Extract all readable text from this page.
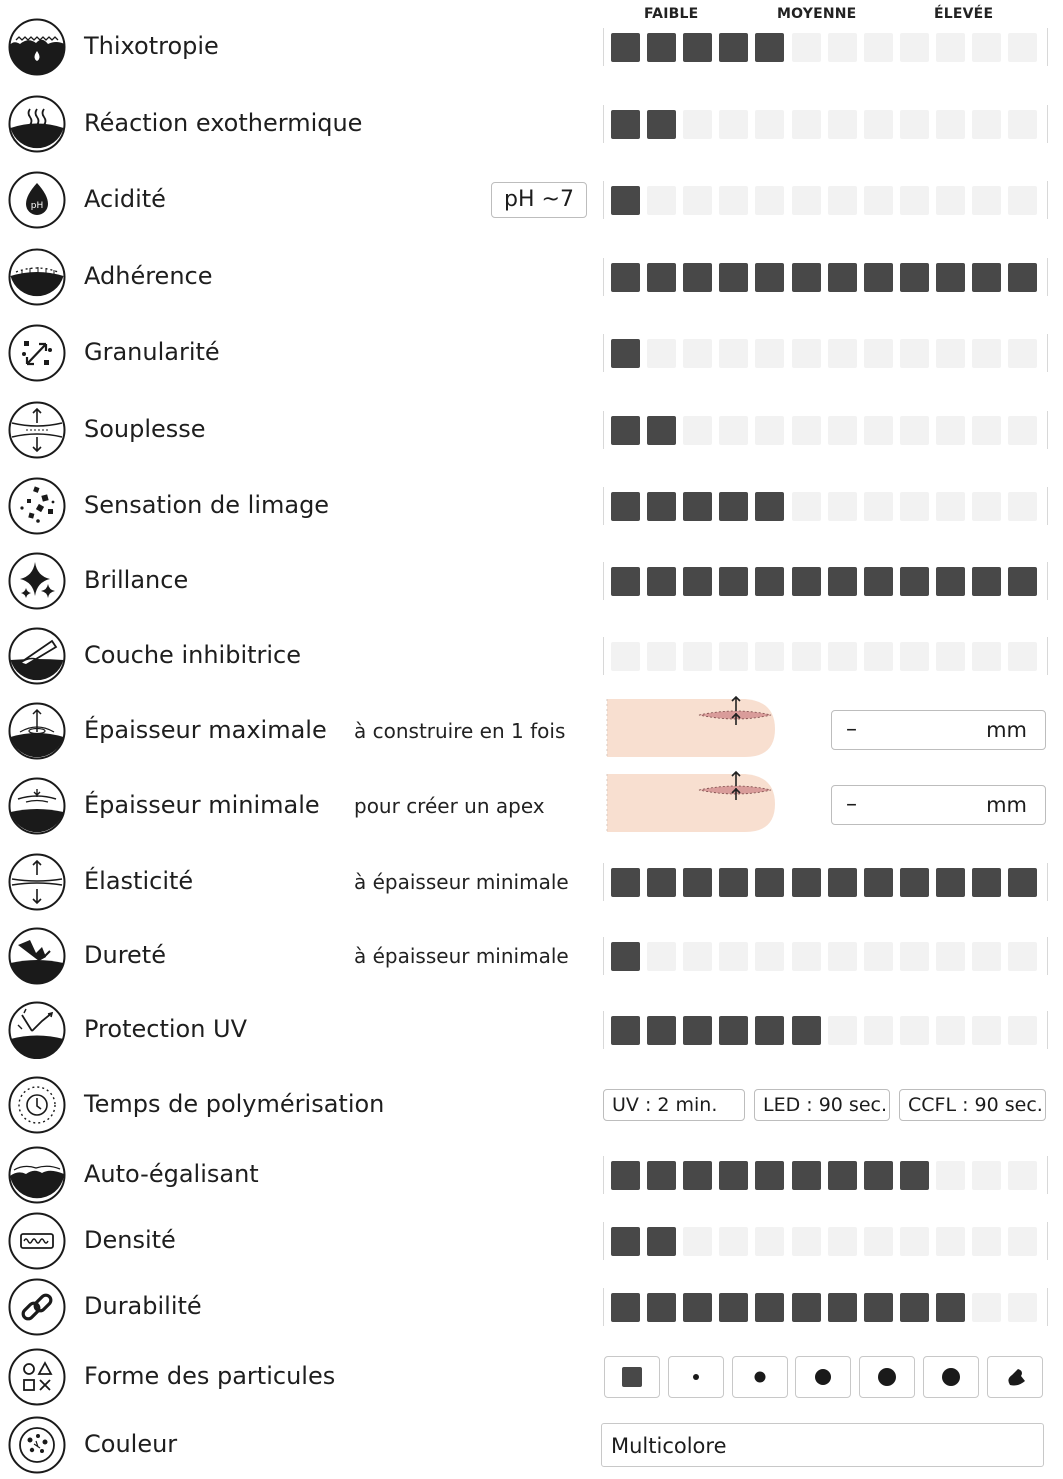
FAIBLE	MOYENNE	ÉLEVÉE
Thixotropie
Réaction exothermique
pH Acidité	pH ~7
Adhérence
Granularité
Souplesse
Sensation de limage
Brillance
Couche inhibitrice
Épaisseur maximale à construire en 1 fois	–	mm
Épaisseur minimale pour créer un apex	–	mm
Élasticité	à épaisseur minimale
Dureté	à épaisseur minimale
Protection UV
Temps de polymérisation	UV : 2 min.	LED : 90 sec.	CCFL : 90 sec.
Auto-égalisant
Densité
Durabilité
Forme des particules
Couleur	Multicolore
